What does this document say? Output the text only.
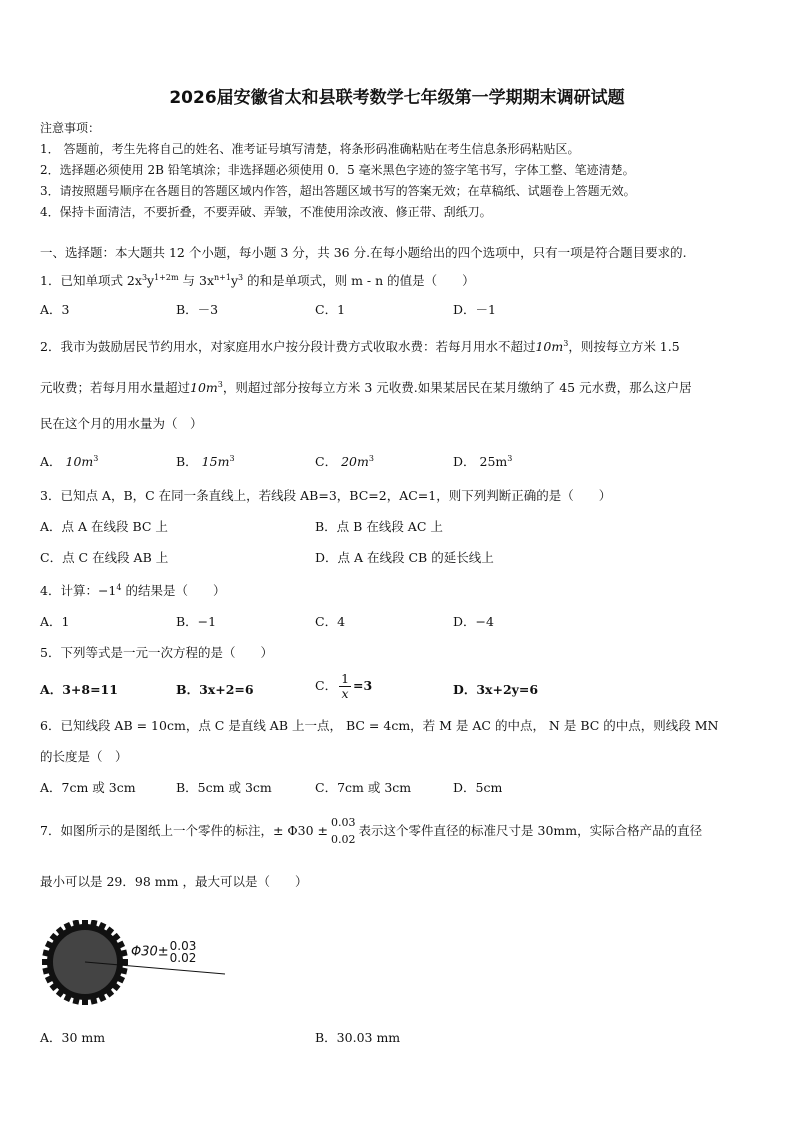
2026届安徽省太和县联考数学七年级第一学期期末调研试题
注意事项：
1． 答题前，考生先将自己的姓名、准考证号填写清楚，将条形码准确粘贴在考生信息条形码粘贴区。
2．选择题必须使用 2B 铅笔填涂；非选择题必须使用 0．5 毫米黑色字迹的签字笔书写，字体工整、笔迹清楚。
3．请按照题号顺序在各题目的答题区域内作答，超出答题区域书写的答案无效；在草稿纸、试题卷上答题无效。
4．保持卡面清洁，不要折叠，不要弄破、弄皱，不准使用涂改液、修正带、刮纸刀。
一、选择题：本大题共 12 个小题，每小题 3 分，共 36 分.在每小题给出的四个选项中，只有一项是符合题目要求的.
1．已知单项式 $2x^3y^{1+2m}$ 与 $3x^{n+1}y^3$ 的和是单项式，则 m - n 的值是（　　）
A．3	B．－3	C．1	D．－1
2．我市为鼓励居民节约用水，对家庭用水户按分段计费方式收取水费：若每月用水不超过$10m^3$，则按每立方米 1.5
元收费；若每月用水量超过$10m^3$，则超过部分按每立方米 3 元收费.如果某居民在某月缴纳了 45 元水费，那么这户居
民在这个月的用水量为（　）
A． $10m^3$	B． $15m^3$	C． $20m^3$	D． $25m^3$
3．已知点 A，B，C 在同一条直线上，若线段 AB=3，BC=2，AC=1，则下列判断正确的是（　　）
A．点 A 在线段 BC 上	B．点 B 在线段 AC 上
C．点 C 在线段 AB 上	D．点 A 在线段 CB 的延长线上
4．计算：$-1^4$ 的结果是（　　）
A．1	B．−1	C．4	D．−4
5．下列等式是一元一次方程的是（　　）
A．3+8=11	B．3x+2=6	C． $\frac{1}{x} =3$	D．3x+2y=6
6．已知线段 AB = 10cm，点 C 是直线 AB 上一点， BC = 4cm，若 M 是 AC 的中点， N 是 BC 的中点，则线段 MN
的长度是（　）
A．7cm 或 3cm	B．5cm 或 3cm	C．7cm 或 3cm	D．5cm
7．如图所示的是图纸上一个零件的标注，± Φ30 ±
0.03
0.02
表示这个零件直径的标准尺寸是 30mm，实际合格产品的直径
最小可以是 29．98 mm ，最大可以是（　　）
Φ30± 0.03
0.02
A．30 mm	B．30.03 mm
